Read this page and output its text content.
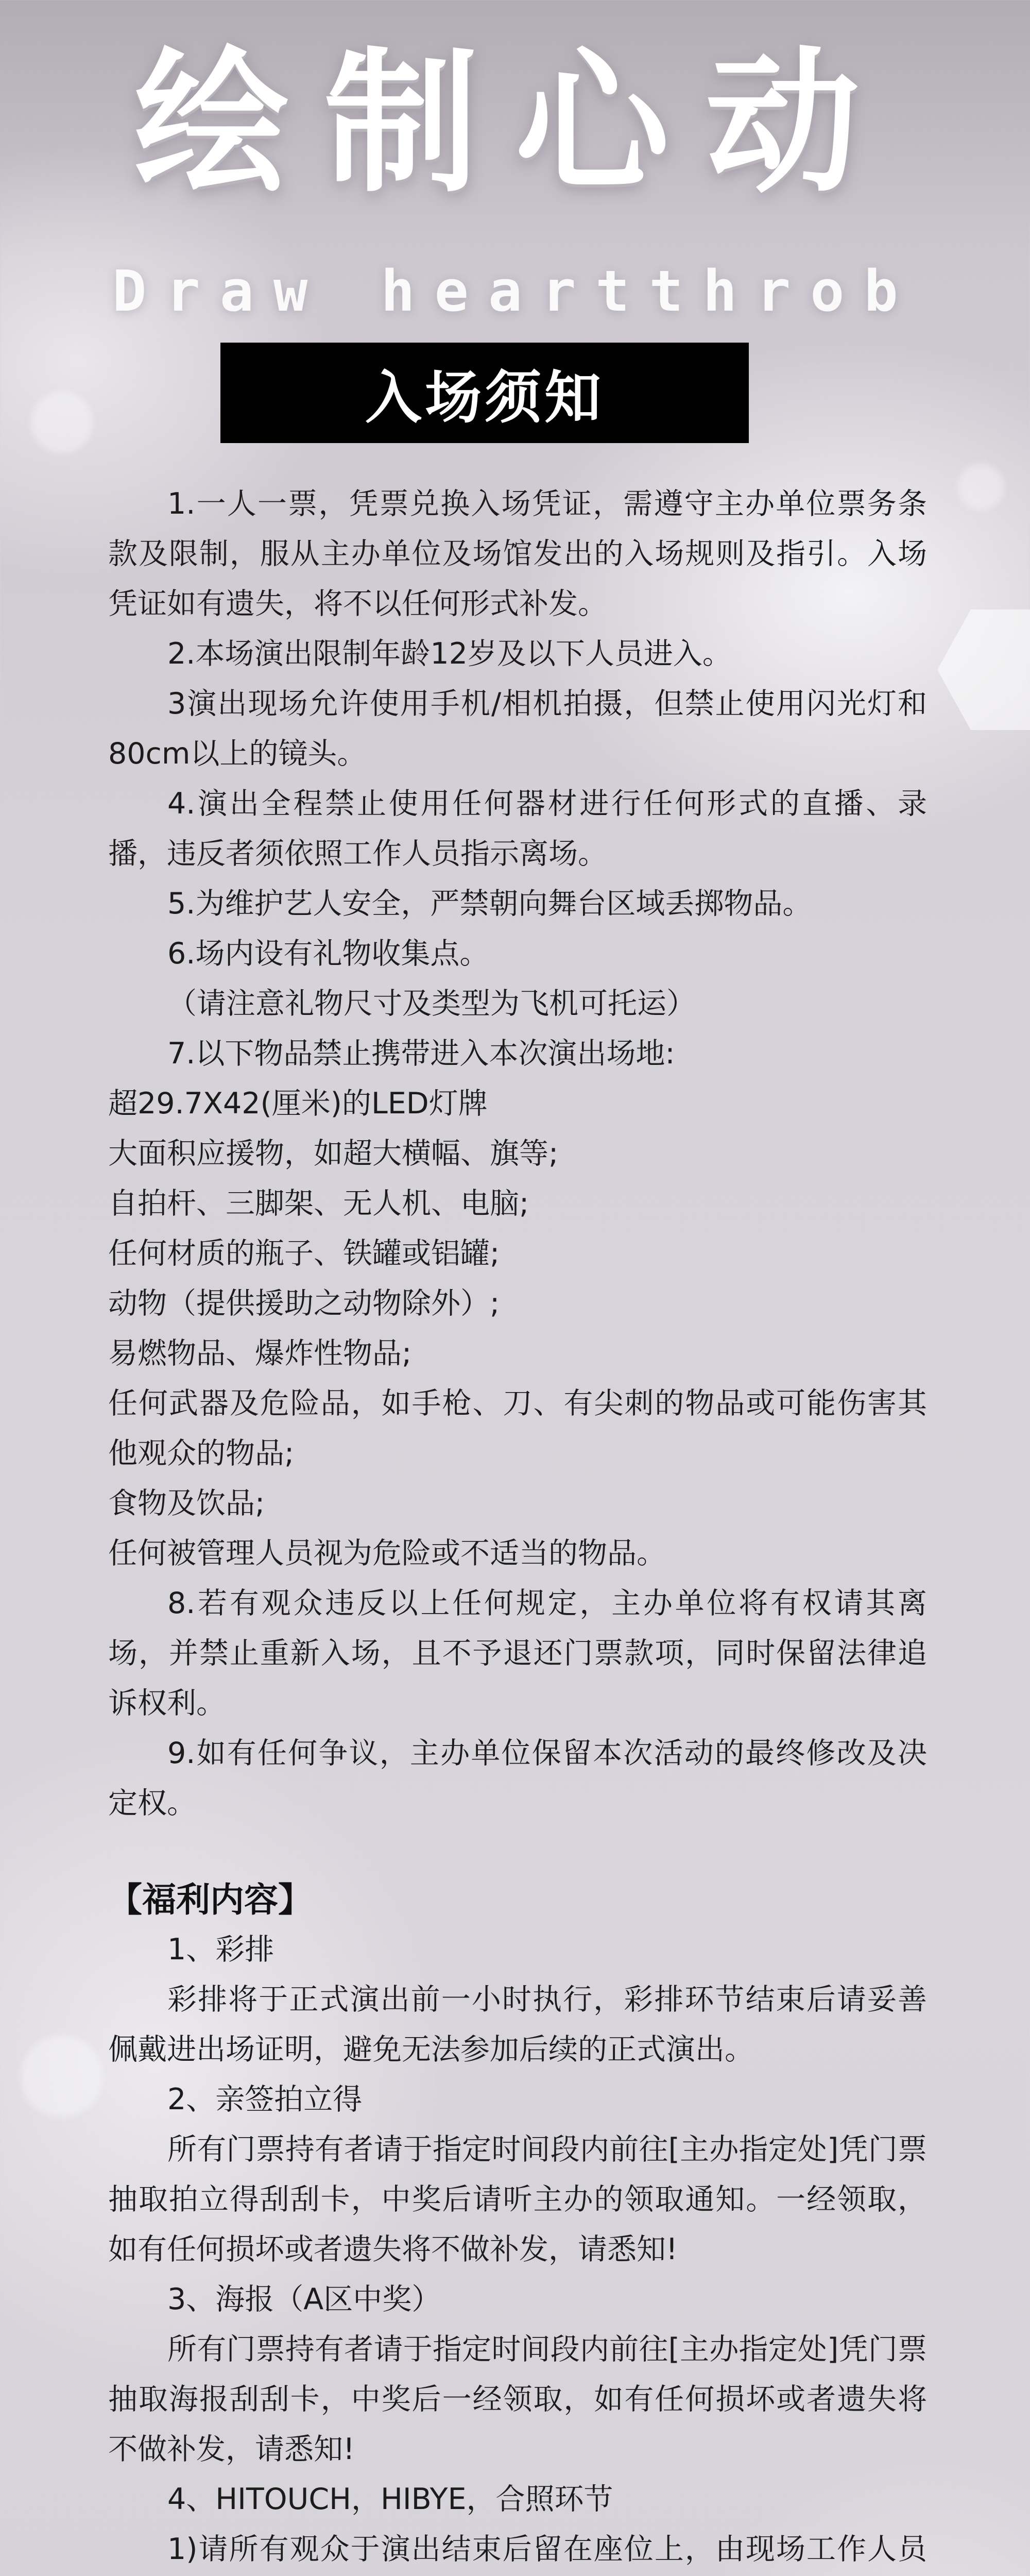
绘制心动
Draw heartthrob
入场须知

1.一人一票，凭票兑换入场凭证，需遵守主办单位票务条款及限制，服从主办单位及场馆发出的入场规则及指引。入场凭证如有遗失，将不以任何形式补发。

2.本场演出限制年龄12岁及以下人员进入。

3演出现场允许使用手机/相机拍摄，但禁止使用闪光灯和80cm以上的镜头。

4.演出全程禁止使用任何器材进行任何形式的直播、录播，违反者须依照工作人员指示离场。

5.为维护艺人安全，严禁朝向舞台区域丢掷物品。

6.场内设有礼物收集点。

（请注意礼物尺寸及类型为飞机可托运）

7.以下物品禁止携带进入本次演出场地:

超29.7X42(厘米)的LED灯牌

大面积应援物，如超大横幅、旗等;

自拍杆、三脚架、无人机、电脑;

任何材质的瓶子、铁罐或铝罐;

动物（提供援助之动物除外）;

易燃物品、爆炸性物品;

任何武器及危险品，如手枪、刀、有尖刺的物品或可能伤害其他观众的物品;

食物及饮品;

任何被管理人员视为危险或不适当的物品。

8.若有观众违反以上任何规定，主办单位将有权请其离场，并禁止重新入场，且不予退还门票款项，同时保留法律追诉权利。

9.如有任何争议，主办单位保留本次活动的最终修改及决定权。

【福利内容】

1、彩排

彩排将于正式演出前一小时执行，彩排环节结束后请妥善佩戴进出场证明，避免无法参加后续的正式演出。

2、亲签拍立得

所有门票持有者请于指定时间段内前往[主办指定处]凭门票抽取拍立得刮刮卡，中奖后请听主办的领取通知。一经领取，如有任何损坏或者遗失将不做补发，请悉知!

3、海报（A区中奖）

所有门票持有者请于指定时间段内前往[主办指定处]凭门票抽取海报刮刮卡，中奖后一经领取，如有任何损坏或者遗失将不做补发，请悉知!

4、HITOUCH，HIBYE，合照环节

1)请所有观众于演出结束后留在座位上，由现场工作人员
